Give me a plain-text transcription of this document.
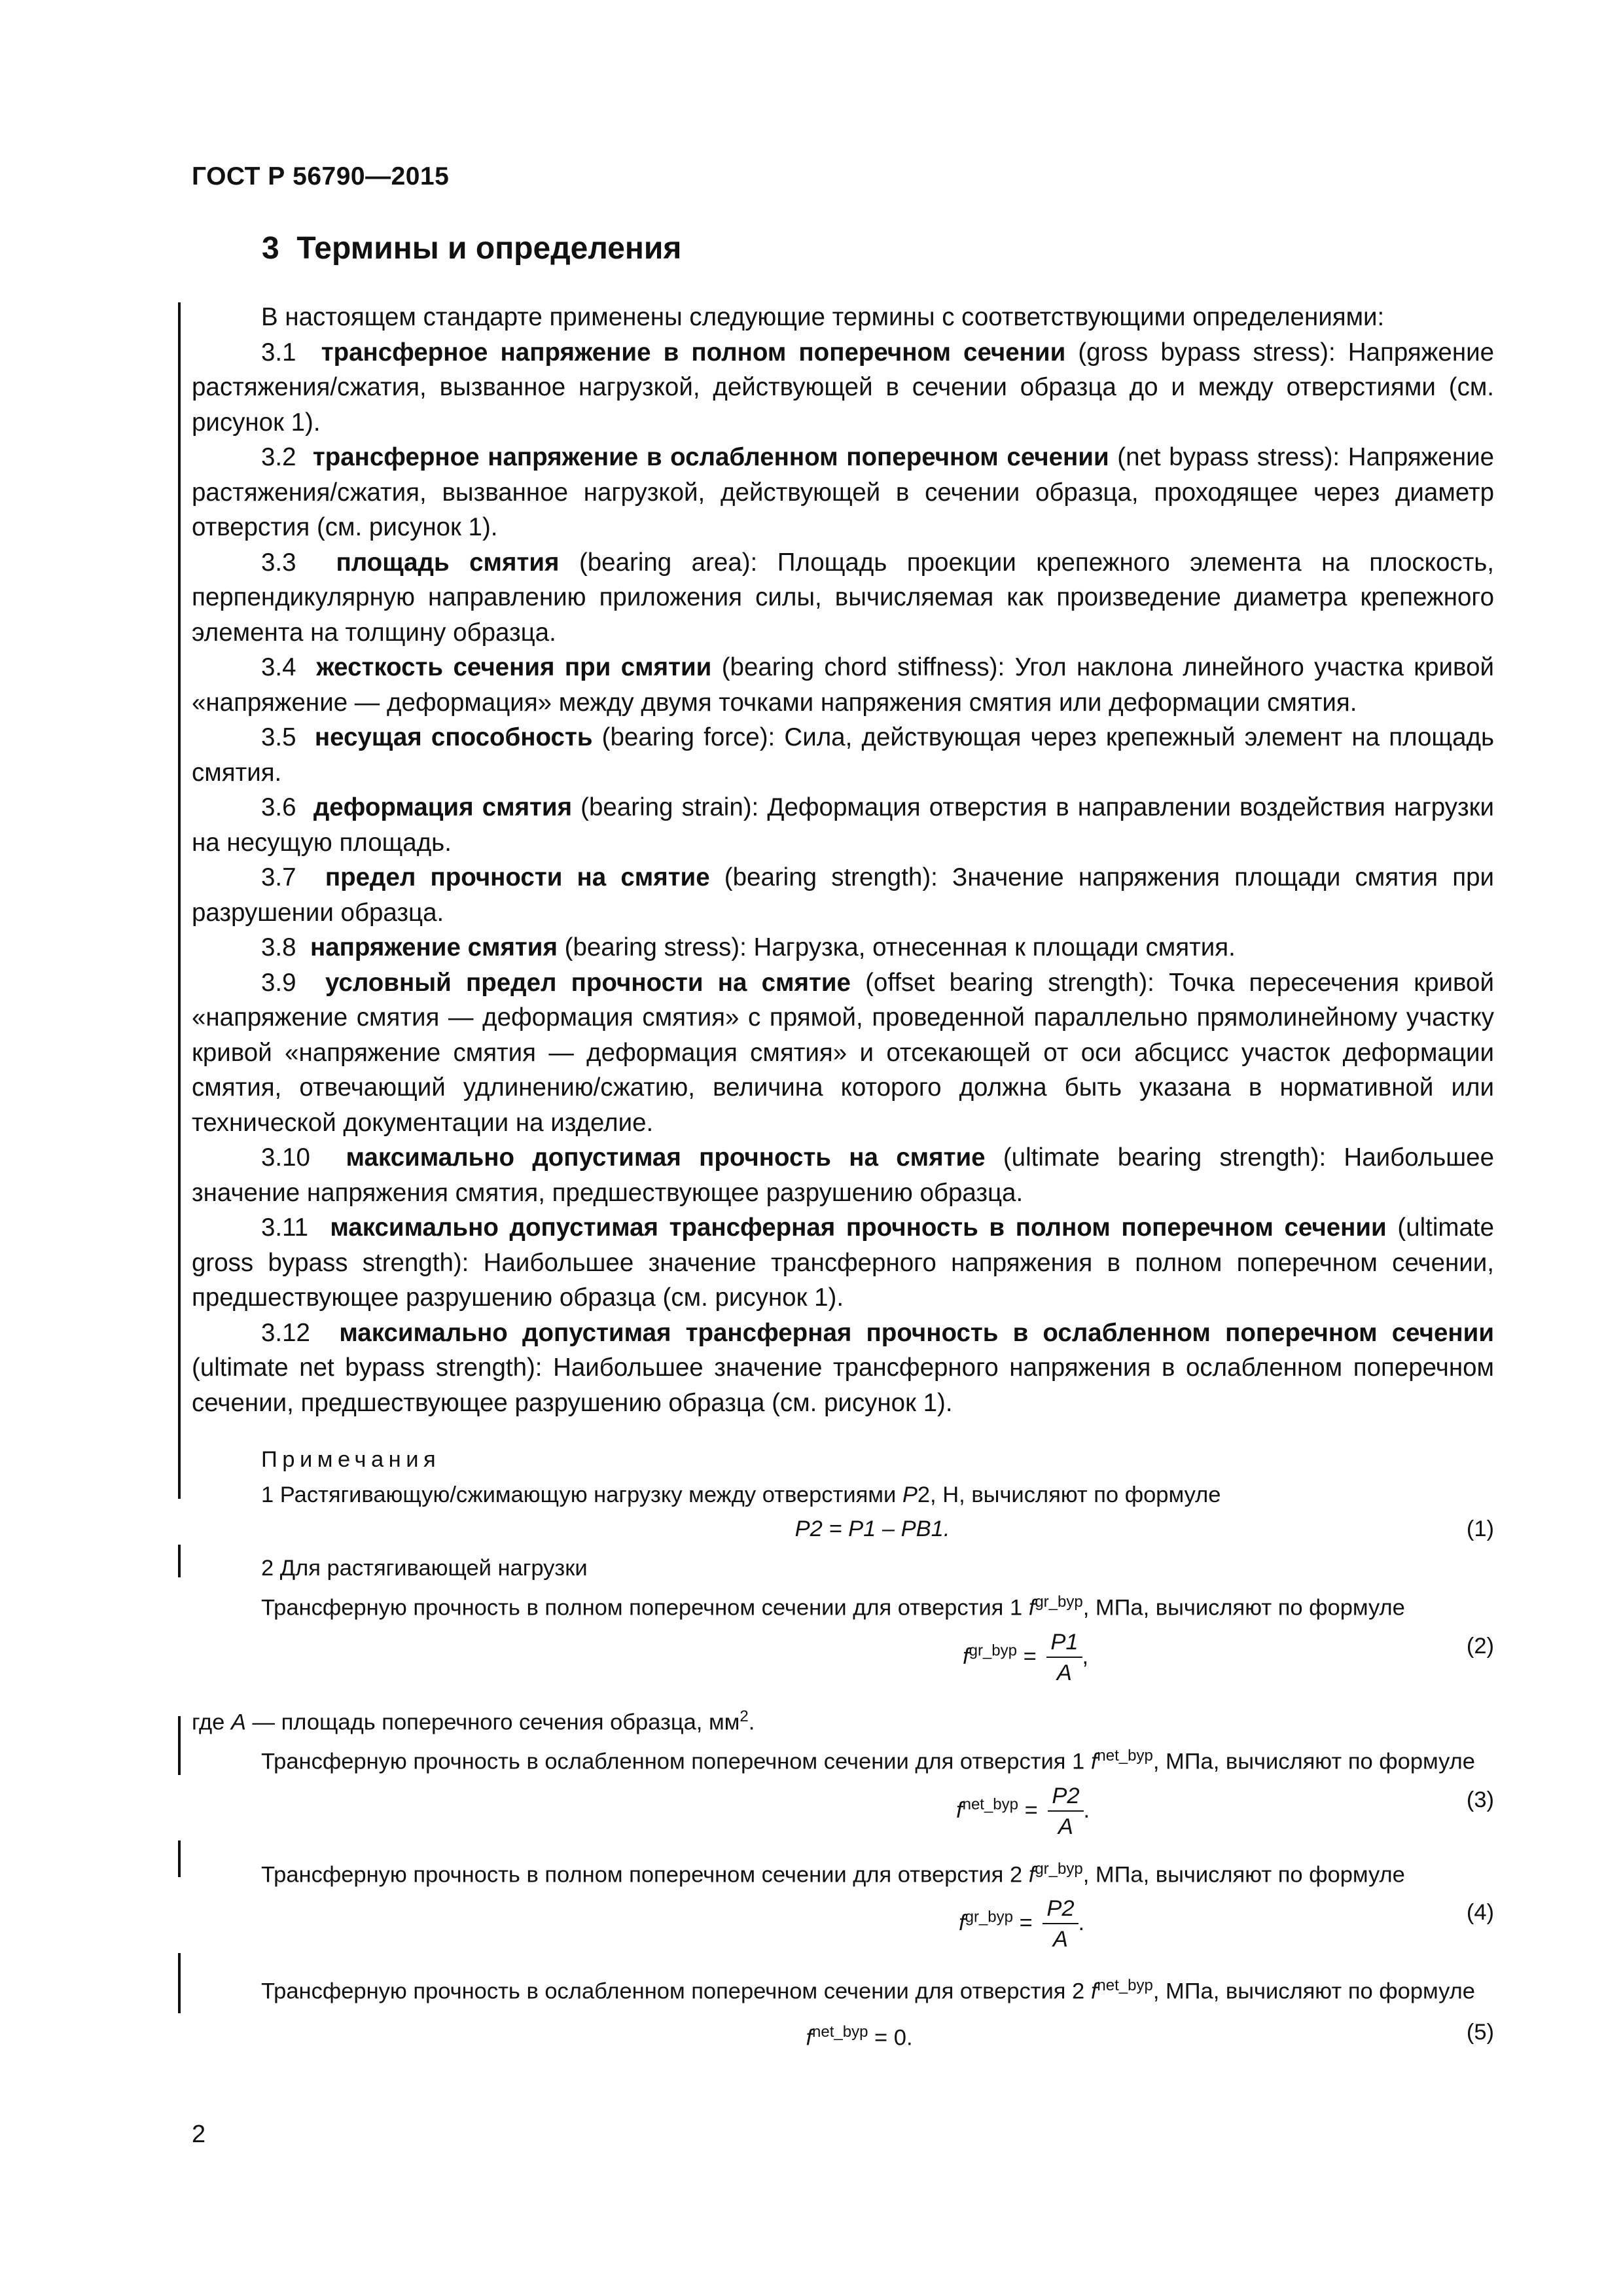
ГОСТ Р 56790—2015
3 Термины и определения

В настоящем стандарте применены следующие термины с соответствующими определениями:

3.1 трансферное напряжение в полном поперечном сечении (gross bypass stress): Напряжение растяжения/сжатия, вызванное нагрузкой, действующей в сечении образца до и между отверстиями (см. рисунок 1).

3.2 трансферное напряжение в ослабленном поперечном сечении (net bypass stress): Напряжение растяжения/сжатия, вызванное нагрузкой, действующей в сечении образца, проходящее через диаметр отверстия (см. рисунок 1).

3.3 площадь смятия (bearing area): Площадь проекции крепежного элемента на плоскость, перпендикулярную направлению приложения силы, вычисляемая как произведение диаметра крепежного элемента на толщину образца.

3.4 жесткость сечения при смятии (bearing chord stiffness): Угол наклона линейного участка кривой «напряжение — деформация» между двумя точками напряжения смятия или деформации смятия.

3.5 несущая способность (bearing force): Сила, действующая через крепежный элемент на площадь смятия.

3.6 деформация смятия (bearing strain): Деформация отверстия в направлении воздействия нагрузки на несущую площадь.

3.7 предел прочности на смятие (bearing strength): Значение напряжения площади смятия при разрушении образца.

3.8 напряжение смятия (bearing stress): Нагрузка, отнесенная к площади смятия.

3.9 условный предел прочности на смятие (offset bearing strength): Точка пересечения кривой «напряжение смятия — деформация смятия» с прямой, проведенной параллельно прямолинейному участку кривой «напряжение смятия — деформация смятия» и отсекающей от оси абсцисс участок деформации смятия, отвечающий удлинению/сжатию, величина которого должна быть указана в нормативной или технической документации на изделие.

3.10 максимально допустимая прочность на смятие (ultimate bearing strength): Наибольшее значение напряжения смятия, предшествующее разрушению образца.

3.11 максимально допустимая трансферная прочность в полном поперечном сечении (ultimate gross bypass strength): Наибольшее значение трансферного напряжения в полном поперечном сечении, предшествующее разрушению образца (см. рисунок 1).

3.12 максимально допустимая трансферная прочность в ослабленном поперечном сечении (ultimate net bypass strength): Наибольшее значение трансферного напряжения в ослабленном поперечном сечении, предшествующее разрушению образца (см. рисунок 1).

Примечания
1 Растягивающую/сжимающую нагрузку между отверстиями P2, Н, вычисляют по формуле
P2 = P1 – PB1.	(1)
2 Для растягивающей нагрузки
Трансферную прочность в полном поперечном сечении для отверстия 1 $f^{gr\_byp}$, МПа, вычисляют по формуле
$f^{gr\_byp} = \frac{P1}{A}$ ,	(2)
где A — площадь поперечного сечения образца, $мм^2$.
Трансферную прочность в ослабленном поперечном сечении для отверстия 1 $f^{net\_byp}$, МПа, вычисляют по формуле
$f^{net\_byp} = \frac{P2}{A}$ .	(3)
Трансферную прочность в полном поперечном сечении для отверстия 2 $f^{gr\_byp}$, МПа, вычисляют по формуле
$f^{gr\_byp} = \frac{P2}{A}$ .	(4)
Трансферную прочность в ослабленном поперечном сечении для отверстия 2 $f^{net\_byp}$, МПа, вычисляют по формуле
$f^{net\_byp} = 0$.	(5)
2
